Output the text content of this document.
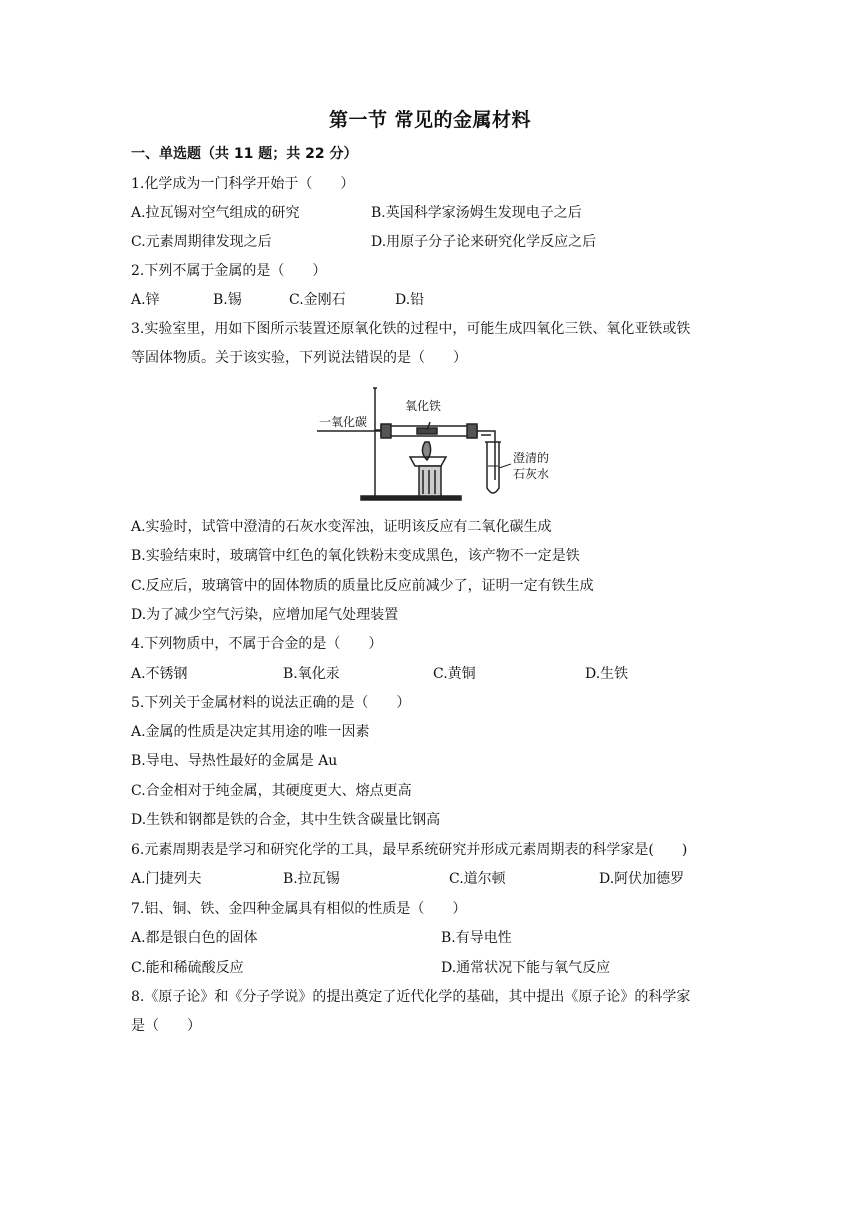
第一节 常见的金属材料
一、单选题（共 11 题；共 22 分）
1.化学成为一门科学开始于（　　）
A.拉瓦锡对空气组成的研究	B.英国科学家汤姆生发现电子之后
C.元素周期律发现之后	D.用原子分子论来研究化学反应之后
2.下列不属于金属的是（　　）
A.锌	B.锡	C.金刚石	D.铅
3.实验室里，用如下图所示装置还原氧化铁的过程中，可能生成四氧化三铁、氧化亚铁或铁
等固体物质。关于该实验，下列说法错误的是（　　）
一氧化碳
氧化铁
澄清的
石灰水
A.实验时，试管中澄清的石灰水变浑浊，证明该反应有二氧化碳生成
B.实验结束时，玻璃管中红色的氧化铁粉末变成黑色，该产物不一定是铁
C.反应后，玻璃管中的固体物质的质量比反应前减少了，证明一定有铁生成
D.为了减少空气污染，应增加尾气处理装置
4.下列物质中，不属于合金的是（　　）
A.不锈钢	B.氧化汞	C.黄铜	D.生铁
5.下列关于金属材料的说法正确的是（　　）
A.金属的性质是决定其用途的唯一因素
B.导电、导热性最好的金属是 Au
C.合金相对于纯金属，其硬度更大、熔点更高
D.生铁和钢都是铁的合金，其中生铁含碳量比钢高
6.元素周期表是学习和研究化学的工具，最早系统研究并形成元素周期表的科学家是(　　)
A.门捷列夫	B.拉瓦锡	C.道尔顿	D.阿伏加德罗
7.铝、铜、铁、金四种金属具有相似的性质是（　　）
A.都是银白色的固体	B.有导电性
C.能和稀硫酸反应	D.通常状况下能与氧气反应
8.《原子论》和《分子学说》的提出奠定了近代化学的基础，其中提出《原子论》的科学家
是（　　）
